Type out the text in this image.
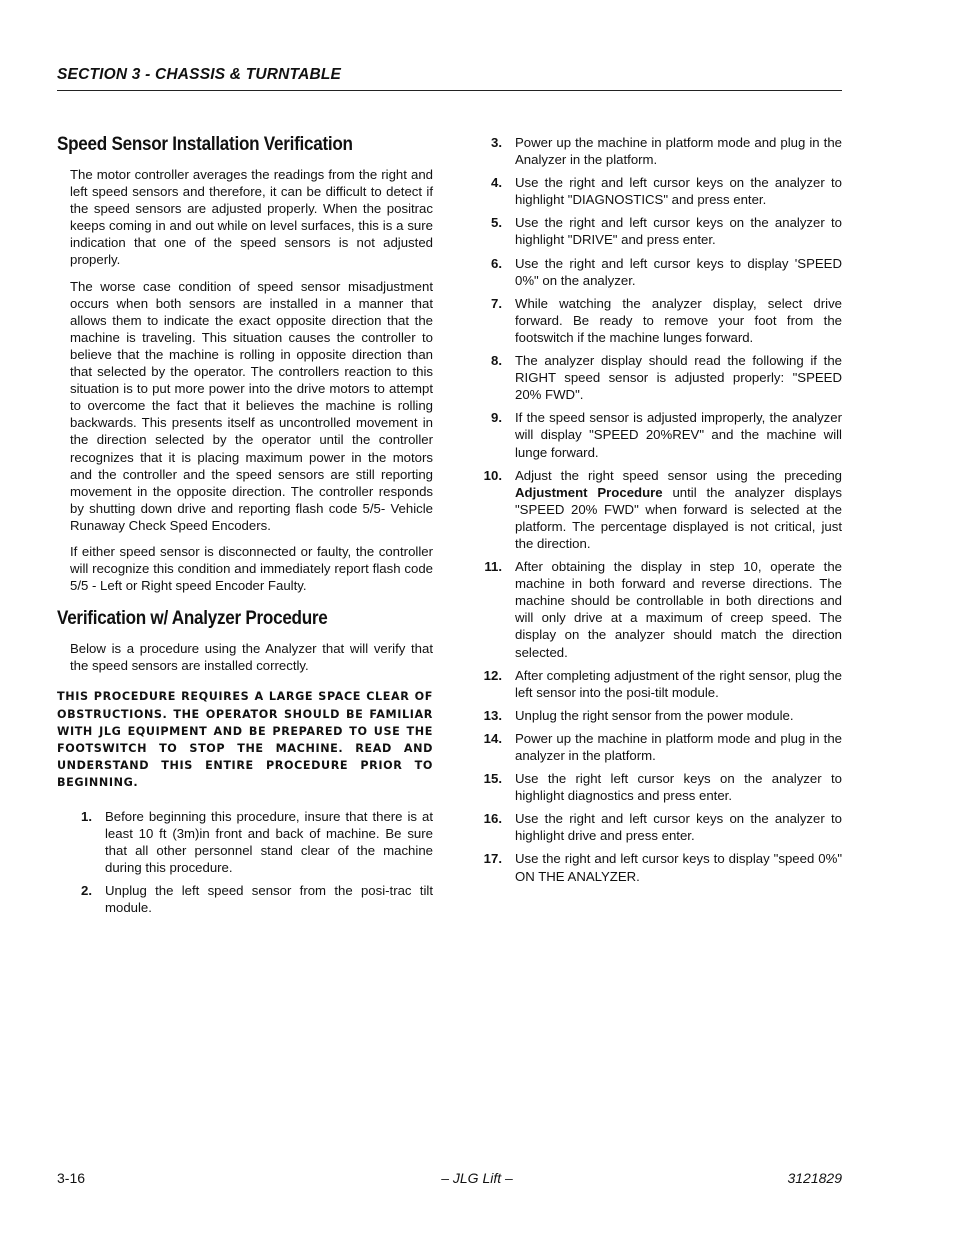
SECTION 3 - CHASSIS & TURNTABLE
Speed Sensor Installation Verification

The motor controller averages the readings from the right and left speed sensors and therefore, it can be difficult to detect if the speed sensors are adjusted properly. When the positrac keeps coming in and out while on level surfaces, this is a sure indication that one of the speed sensors is not adjusted properly.

The worse case condition of speed sensor misadjustment occurs when both sensors are installed in a manner that allows them to indicate the exact opposite direction that the machine is traveling. This situation causes the controller to believe that the machine is rolling in opposite direction than that selected by the operator. The controllers reaction to this situation is to put more power into the drive motors to attempt to overcome the fact that it believes the machine is rolling backwards. This presents itself as uncontrolled movement in the direction selected by the operator until the controller recognizes that it is placing maximum power in the motors and the controller and the speed sensors are still reporting movement in the opposite direction. The controller responds by shutting down drive and reporting flash code 5/5- Vehicle Runaway Check Speed Encoders.

If either speed sensor is disconnected or faulty, the controller will recognize this condition and immediately report flash code 5/5 - Left or Right speed Encoder Faulty.

Verification w/ Analyzer Procedure

Below is a procedure using the Analyzer that will verify that the speed sensors are installed correctly.

THIS PROCEDURE REQUIRES A LARGE SPACE CLEAR OF OBSTRUCTIONS. THE OPERATOR SHOULD BE FAMILIAR WITH JLG EQUIPMENT AND BE PREPARED TO USE THE FOOTSWITCH TO STOP THE MACHINE. READ AND UNDERSTAND THIS ENTIRE PROCEDURE PRIOR TO BEGINNING.
1. Before beginning this procedure, insure that there is at least 10 ft (3m)in front and back of machine. Be sure that all other personnel stand clear of the machine during this procedure.
2. Unplug the left speed sensor from the posi-trac tilt module.
3. Power up the machine in platform mode and plug in the Analyzer in the platform.
4. Use the right and left cursor keys on the analyzer to highlight "DIAGNOSTICS" and press enter.
5. Use the right and left cursor keys on the analyzer to highlight "DRIVE" and press enter.
6. Use the right and left cursor keys to display 'SPEED 0%" on the analyzer.
7. While watching the analyzer display, select drive forward. Be ready to remove your foot from the footswitch if the machine lunges forward.
8. The analyzer display should read the following if the RIGHT speed sensor is adjusted properly: "SPEED 20% FWD".
9. If the speed sensor is adjusted improperly, the analyzer will display "SPEED 20%REV" and the machine will lunge forward.
10. Adjust the right speed sensor using the preceding Adjustment Procedure until the analyzer displays "SPEED 20% FWD" when forward is selected at the platform. The percentage displayed is not critical, just the direction.
11. After obtaining the display in step 10, operate the machine in both forward and reverse directions. The machine should be controllable in both directions and will only drive at a maximum of creep speed. The display on the analyzer should match the direction selected.
12. After completing adjustment of the right sensor, plug the left sensor into the posi-tilt module.
13. Unplug the right sensor from the power module.
14. Power up the machine in platform mode and plug in the analyzer in the platform.
15. Use the right left cursor keys on the analyzer to highlight diagnostics and press enter.
16. Use the right and left cursor keys on the analyzer to highlight drive and press enter.
17. Use the right and left cursor keys to display "speed 0%" ON THE ANALYZER.
3-16	– JLG Lift –	3121829
